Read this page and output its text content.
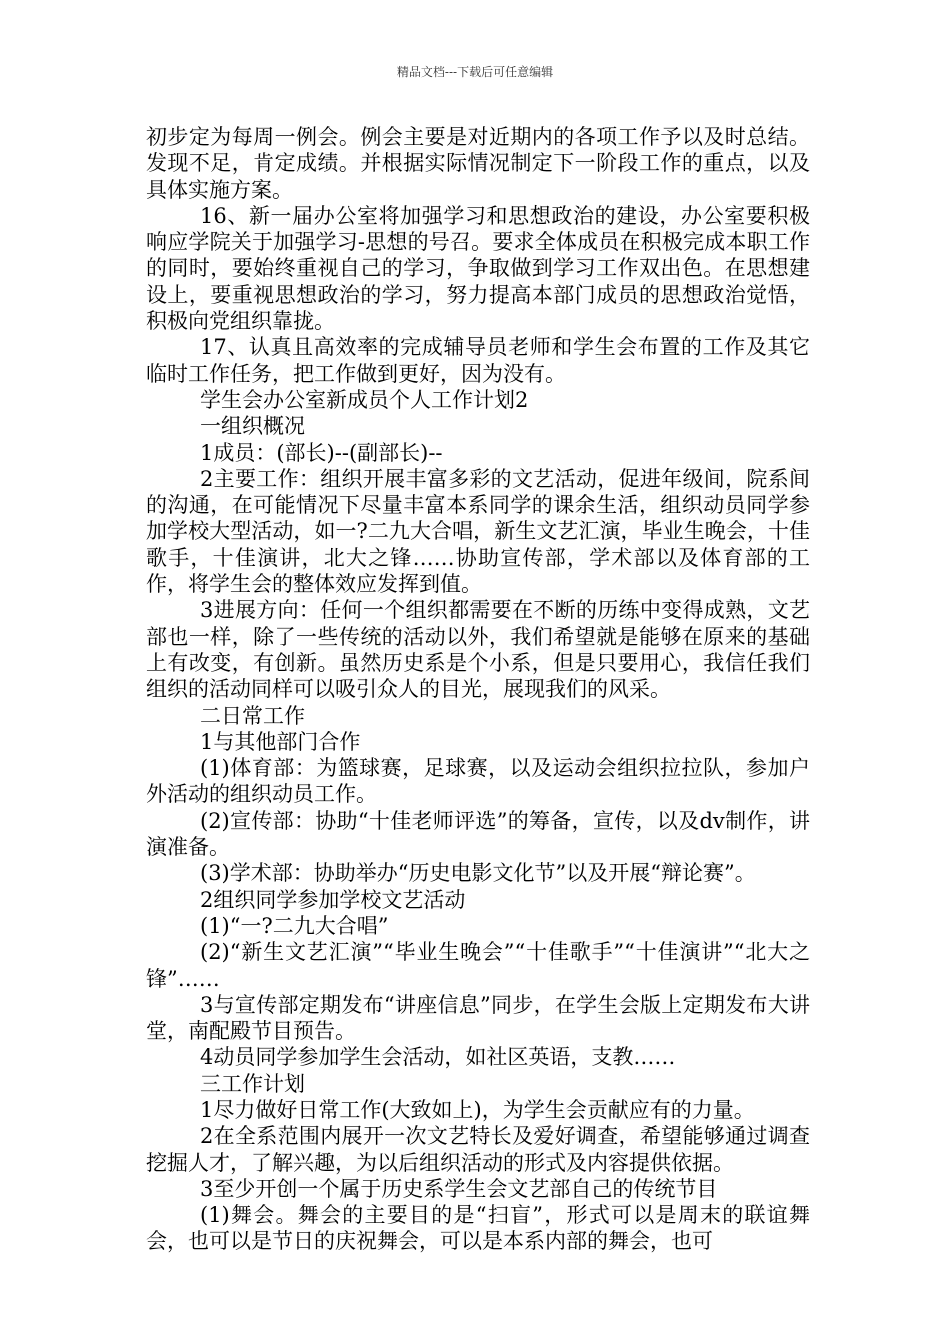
精品文档---下载后可任意编辑

初步定为每周一例会。例会主要是对近期内的各项工作予以及时总结。发现不足，肯定成绩。并根据实际情况制定下一阶段工作的重点，以及具体实施方案。

16、新一届办公室将加强学习和思想政治的建设，办公室要积极响应学院关于加强学习-思想的号召。要求全体成员在积极完成本职工作的同时，要始终重视自己的学习，争取做到学习工作双出色。在思想建设上，要重视思想政治的学习，努力提高本部门成员的思想政治觉悟，积极向党组织靠拢。

17、认真且高效率的完成辅导员老师和学生会布置的工作及其它临时工作任务，把工作做到更好，因为没有。

学生会办公室新成员个人工作计划2

一组织概况

1成员：(部长)--(副部长)--

2主要工作：组织开展丰富多彩的文艺活动，促进年级间，院系间的沟通，在可能情况下尽量丰富本系同学的课余生活，组织动员同学参加学校大型活动，如一?二九大合唱，新生文艺汇演，毕业生晚会，十佳歌手，十佳演讲，北大之锋……协助宣传部，学术部以及体育部的工作，将学生会的整体效应发挥到值。

3进展方向：任何一个组织都需要在不断的历练中变得成熟，文艺部也一样，除了一些传统的活动以外，我们希望就是能够在原来的基础上有改变，有创新。虽然历史系是个小系，但是只要用心，我信任我们组织的活动同样可以吸引众人的目光，展现我们的风采。

二日常工作

1与其他部门合作

(1)体育部：为篮球赛，足球赛，以及运动会组织拉拉队，参加户外活动的组织动员工作。

(2)宣传部：协助“十佳老师评选”的筹备，宣传，以及dv制作，讲演准备。

(3)学术部：协助举办“历史电影文化节”以及开展“辩论赛”。

2组织同学参加学校文艺活动

(1)“一?二九大合唱”

(2)“新生文艺汇演”“毕业生晚会”“十佳歌手”“十佳演讲”“北大之锋”……

3与宣传部定期发布“讲座信息”同步，在学生会版上定期发布大讲堂，南配殿节目预告。

4动员同学参加学生会活动，如社区英语，支教……

三工作计划

1尽力做好日常工作(大致如上)，为学生会贡献应有的力量。

2在全系范围内展开一次文艺特长及爱好调查，希望能够通过调查挖掘人才，了解兴趣，为以后组织活动的形式及内容提供依据。

3至少开创一个属于历史系学生会文艺部自己的传统节目

(1)舞会。舞会的主要目的是“扫盲”，形式可以是周末的联谊舞会，也可以是节日的庆祝舞会，可以是本系内部的舞会，也可
